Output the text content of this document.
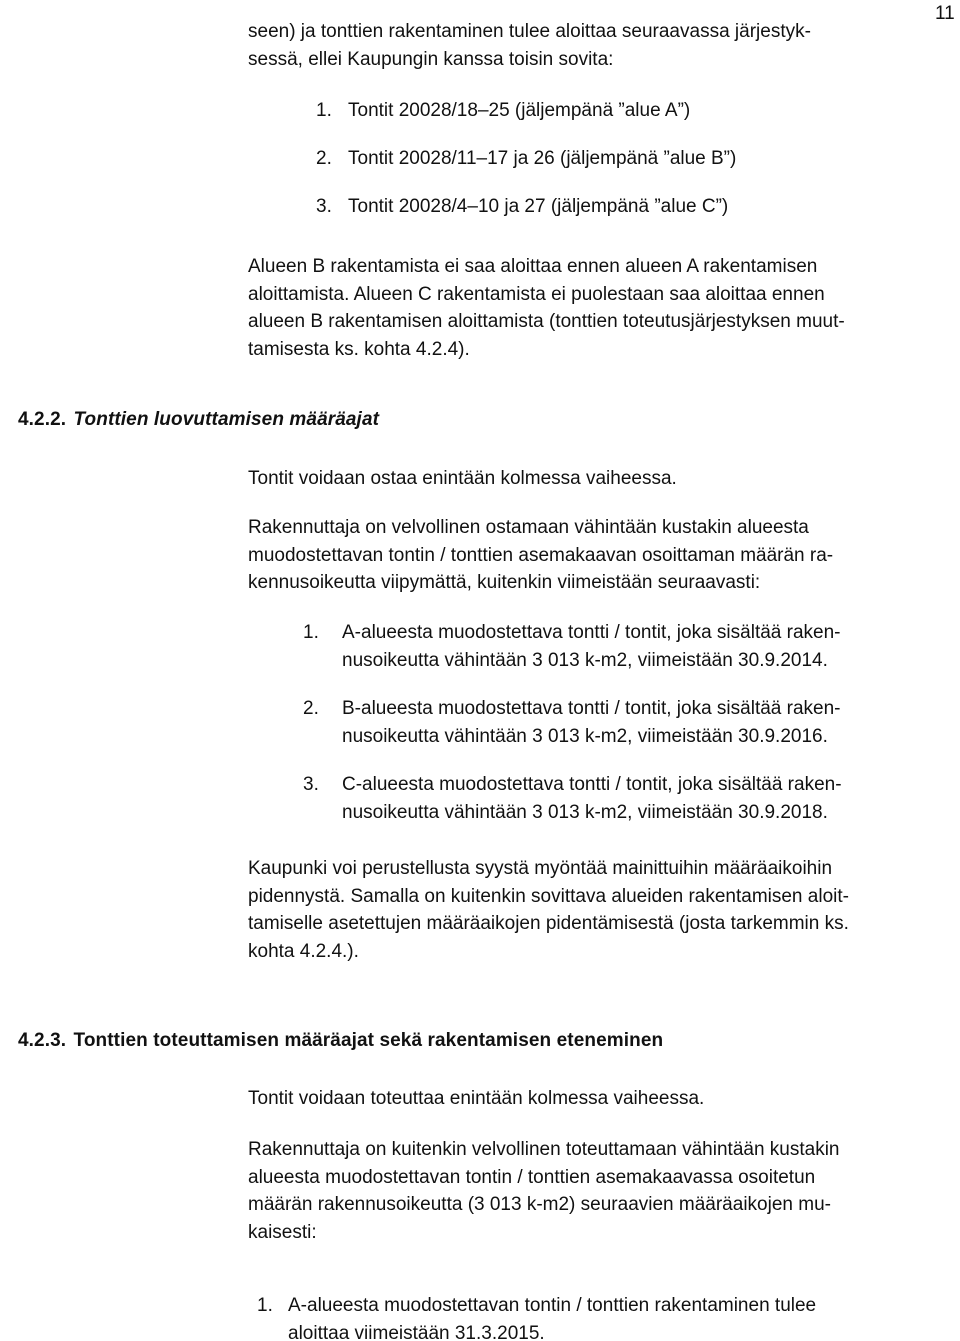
11
seen) ja tonttien rakentaminen tulee aloittaa seuraavassa järjestyk-
sessä, ellei Kaupungin kanssa toisin sovita:
1. Tontit 20028/18–25 (jäljempänä ”alue A”)
2. Tontit 20028/11–17 ja 26 (jäljempänä ”alue B”)
3. Tontit 20028/4–10 ja 27 (jäljempänä ”alue C”)
Alueen B rakentamista ei saa aloittaa ennen alueen A rakentamisen
aloittamista. Alueen C rakentamista ei puolestaan saa aloittaa ennen
alueen B rakentamisen aloittamista (tonttien toteutusjärjestyksen muut-
tamisesta ks. kohta 4.2.4).
4.2.2. Tonttien luovuttamisen määräajat
Tontit voidaan ostaa enintään kolmessa vaiheessa.
Rakennuttaja on velvollinen ostamaan vähintään kustakin alueesta
muodostettavan tontin / tonttien asemakaavan osoittaman määrän ra-
kennusoikeutta viipymättä, kuitenkin viimeistään seuraavasti:
1. A-alueesta muodostettava tontti / tontit, joka sisältää raken-
nusoikeutta vähintään 3 013 k-m2, viimeistään 30.9.2014.
2. B-alueesta muodostettava tontti / tontit, joka sisältää raken-
nusoikeutta vähintään 3 013 k-m2, viimeistään 30.9.2016.
3. C-alueesta muodostettava tontti / tontit, joka sisältää raken-
nusoikeutta vähintään 3 013 k-m2, viimeistään 30.9.2018.
Kaupunki voi perustellusta syystä myöntää mainittuihin määräaikoihin
pidennystä. Samalla on kuitenkin sovittava alueiden rakentamisen aloit-
tamiselle asetettujen määräaikojen pidentämisestä (josta tarkemmin ks.
kohta 4.2.4.).
4.2.3. Tonttien toteuttamisen määräajat sekä rakentamisen eteneminen
Tontit voidaan toteuttaa enintään kolmessa vaiheessa.
Rakennuttaja on kuitenkin velvollinen toteuttamaan vähintään kustakin
alueesta muodostettavan tontin / tonttien asemakaavassa osoitetun
määrän rakennusoikeutta (3 013 k-m2) seuraavien määräaikojen mu-
kaisesti:
1. A-alueesta muodostettavan tontin / tonttien rakentaminen tulee
aloittaa viimeistään 31.3.2015.
